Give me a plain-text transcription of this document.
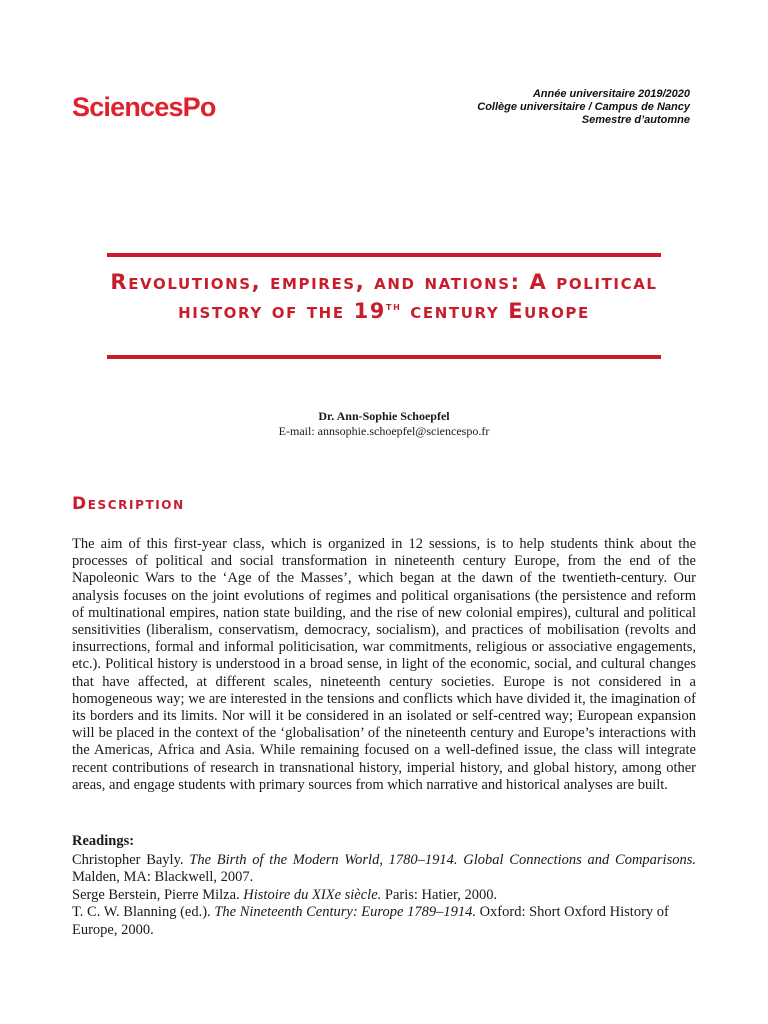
SciencesPo	Année universitaire 2019/2020
Collège universitaire / Campus de Nancy
Semestre d’automne
Revolutions, empires, and nations: A political history of the 19th century Europe
Dr. Ann-Sophie Schoepfel
E-mail: annsophie.schoepfel@sciencespo.fr
Description

The aim of this first-year class, which is organized in 12 sessions, is to help students think about the processes of political and social transformation in nineteenth century Europe, from the end of the Napoleonic Wars to the ‘Age of the Masses’, which began at the dawn of the twentieth-century. Our analysis focuses on the joint evolutions of regimes and political organisations (the persistence and reform of multinational empires, nation state building, and the rise of new colonial empires), cultural and political sensitivities (liberalism, conservatism, democracy, socialism), and practices of mobilisation (revolts and insurrections, formal and informal politicisation, war commitments, religious or associative engagements, etc.). Political history is understood in a broad sense, in light of the economic, social, and cultural changes that have affected, at different scales, nineteenth century societies. Europe is not considered in a homogeneous way; we are interested in the tensions and conflicts which have divided it, the imagination of its borders and its limits. Nor will it be considered in an isolated or self-centred way; European expansion will be placed in the context of the ‘globalisation’ of the nineteenth century and Europe’s interactions with the Americas, Africa and Asia. While remaining focused on a well-defined issue, the class will integrate recent contributions of research in transnational history, imperial history, and global history, among other areas, and engage students with primary sources from which narrative and historical analyses are built.

Readings:
Christopher Bayly. The Birth of the Modern World, 1780–1914. Global Connections and Comparisons. Malden, MA: Blackwell, 2007.
Serge Berstein, Pierre Milza. Histoire du XIXe siècle. Paris: Hatier, 2000.
T. C. W. Blanning (ed.). The Nineteenth Century: Europe 1789–1914. Oxford: Short Oxford History of Europe, 2000.
